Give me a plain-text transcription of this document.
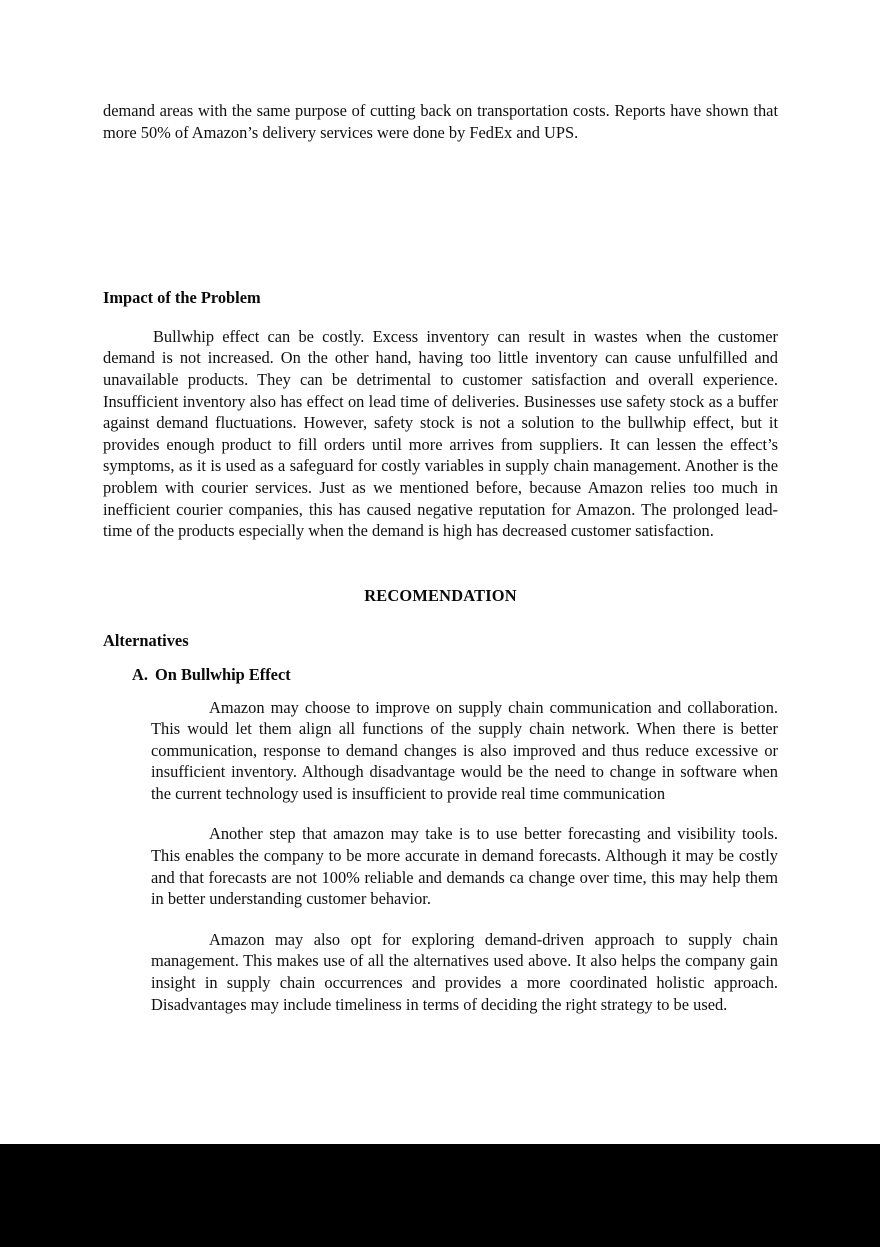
demand areas with the same purpose of cutting back on transportation costs. Reports have shown that more 50% of Amazon’s delivery services were done by FedEx and UPS.

Impact of the Problem

Bullwhip effect can be costly. Excess inventory can result in wastes when the customer demand is not increased. On the other hand, having too little inventory can cause unfulfilled and unavailable products. They can be detrimental to customer satisfaction and overall experience. Insufficient inventory also has effect on lead time of deliveries. Businesses use safety stock as a buffer against demand fluctuations. However, safety stock is not a solution to the bullwhip effect, but it provides enough product to fill orders until more arrives from suppliers. It can lessen the effect’s symptoms, as it is used as a safeguard for costly variables in supply chain management. Another is the problem with courier services. Just as we mentioned before, because Amazon relies too much in inefficient courier companies, this has caused negative reputation for Amazon. The prolonged lead-time of the products especially when the demand is high has decreased customer satisfaction.

RECOMENDATION
Alternatives
A. On Bullwhip Effect

Amazon may choose to improve on supply chain communication and collaboration. This would let them align all functions of the supply chain network. When there is better communication, response to demand changes is also improved and thus reduce excessive or insufficient inventory. Although disadvantage would be the need to change in software when the current technology used is insufficient to provide real time communication

Another step that amazon may take is to use better forecasting and visibility tools. This enables the company to be more accurate in demand forecasts. Although it may be costly and that forecasts are not 100% reliable and demands ca change over time, this may help them in better understanding customer behavior.

Amazon may also opt for exploring demand-driven approach to supply chain management. This makes use of all the alternatives used above. It also helps the company gain insight in supply chain occurrences and provides a more coordinated holistic approach. Disadvantages may include timeliness in terms of deciding the right strategy to be used.
